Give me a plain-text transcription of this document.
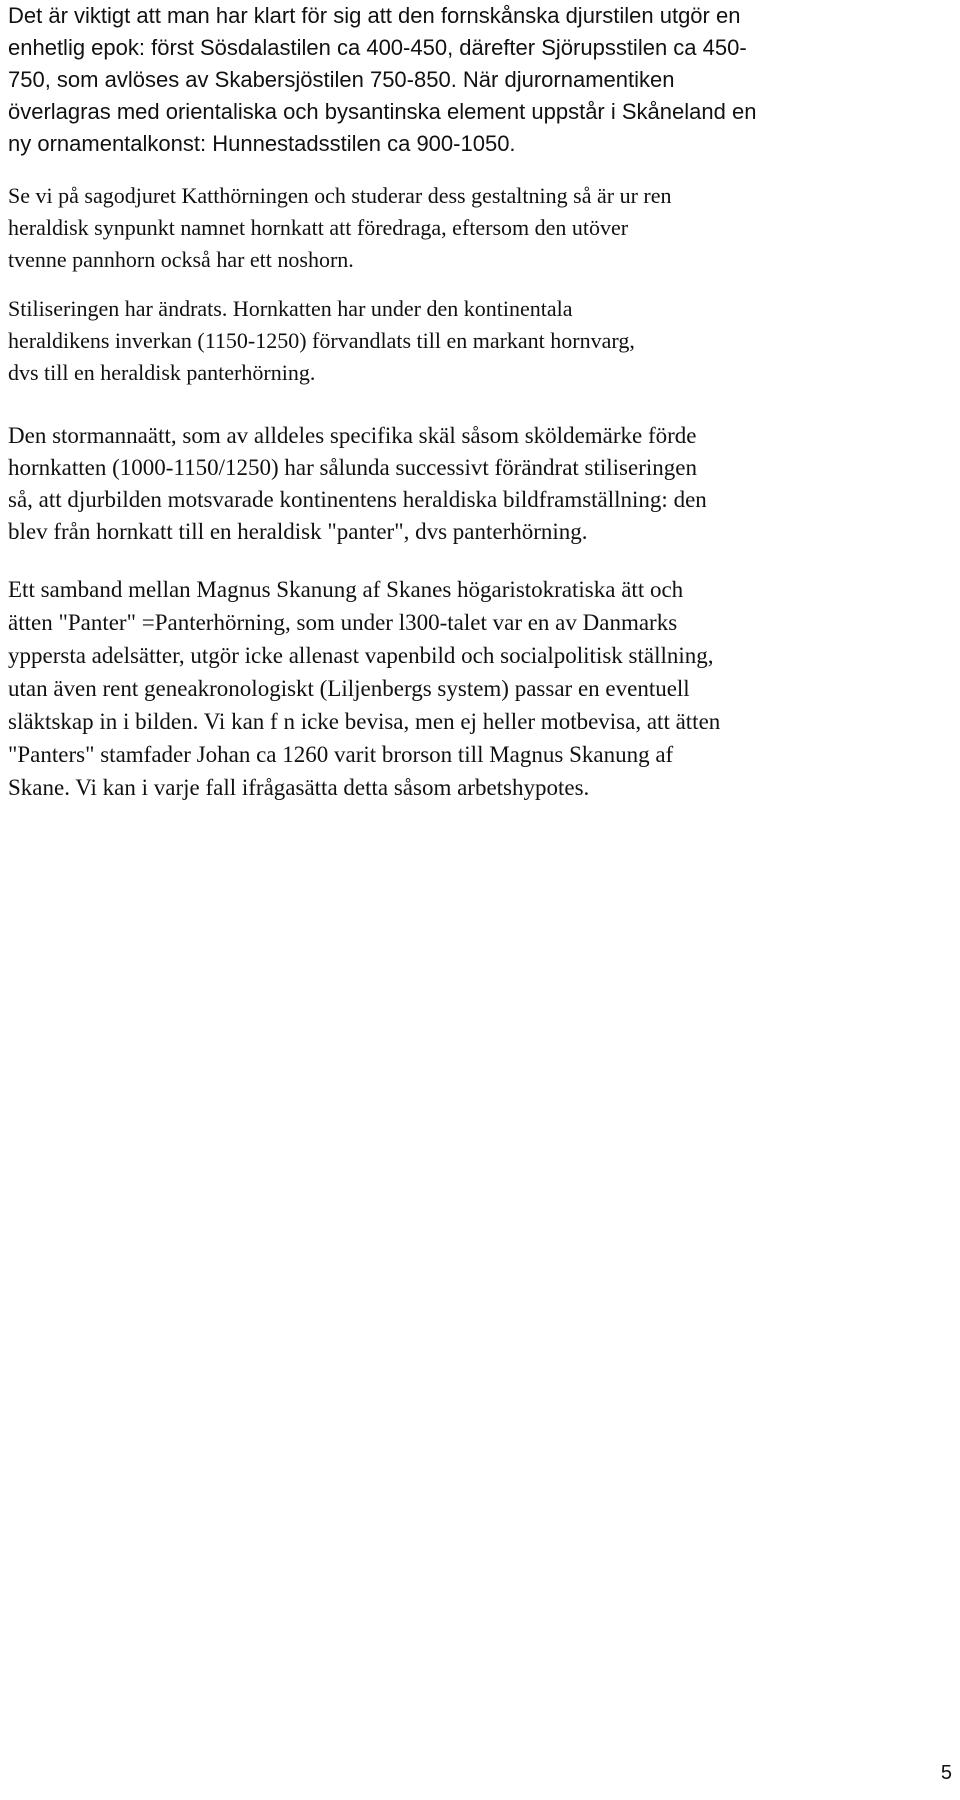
Det är viktigt att man har klart för sig att den fornskånska djurstilen utgör en
enhetlig epok: först Sösdalastilen ca 400-450, därefter Sjörupsstilen ca 450-
750, som avlöses av Skabersjöstilen 750-850. När djurornamentiken
överlagras med orientaliska och bysantinska element uppstår i Skåneland en
ny ornamentalkonst: Hunnestadsstilen ca 900-1050.

Se vi på sagodjuret Katthörningen och studerar dess gestaltning så är ur ren
heraldisk synpunkt namnet hornkatt att föredraga, eftersom den utöver
tvenne pannhorn också har ett noshorn.

Stiliseringen har ändrats. Hornkatten har under den kontinentala
heraldikens inverkan (1150-1250) förvandlats till en markant hornvarg,
dvs till en heraldisk panterhörning.

Den stormannaätt, som av alldeles specifika skäl såsom sköldemärke förde
hornkatten (1000-1150/1250) har sålunda successivt förändrat stiliseringen
så, att djurbilden motsvarade kontinentens heraldiska bildframställning: den
blev från hornkatt till en heraldisk "panter", dvs panterhörning.

Ett samband mellan Magnus Skanung af Skanes högaristokratiska ätt och
ätten "Panter" =Panterhörning, som under l300-talet var en av Danmarks
yppersta adelsätter, utgör icke allenast vapenbild och socialpolitisk ställning,
utan även rent geneakronologiskt (Liljenbergs system) passar en eventuell
släktskap in i bilden. Vi kan f n icke bevisa, men ej heller motbevisa, att ätten
"Panters" stamfader Johan ca 1260 varit brorson till Magnus Skanung af
Skane. Vi kan i varje fall ifrågasätta detta såsom arbetshypotes.

5
